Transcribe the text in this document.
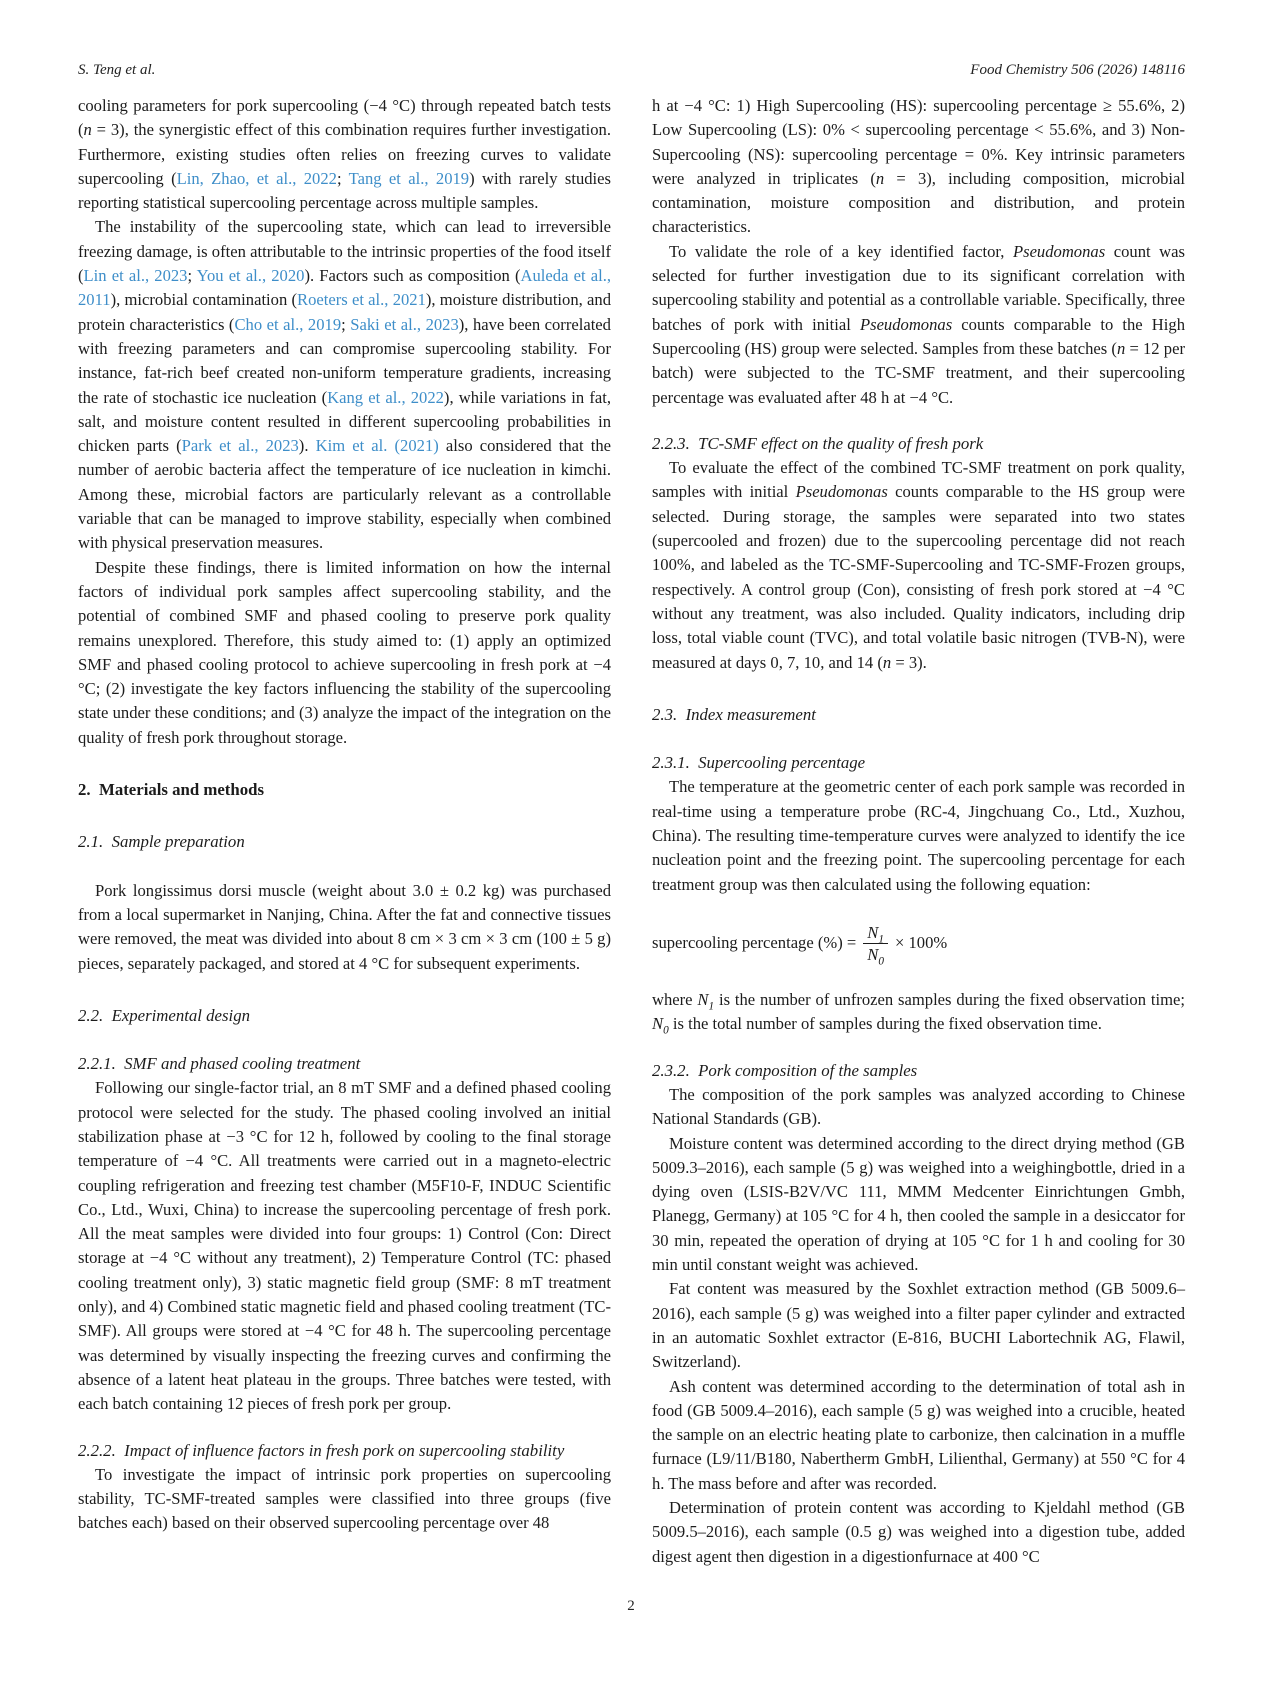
S. Teng et al.	Food Chemistry 506 (2026) 148116

cooling parameters for pork supercooling (−4 °C) through repeated batch tests (n = 3), the synergistic effect of this combination requires further investigation. Furthermore, existing studies often relies on freezing curves to validate supercooling (Lin, Zhao, et al., 2022; Tang et al., 2019) with rarely studies reporting statistical supercooling percentage across multiple samples.

The instability of the supercooling state, which can lead to irreversible freezing damage, is often attributable to the intrinsic properties of the food itself (Lin et al., 2023; You et al., 2020). Factors such as composition (Auleda et al., 2011), microbial contamination (Roeters et al., 2021), moisture distribution, and protein characteristics (Cho et al., 2019; Saki et al., 2023), have been correlated with freezing parameters and can compromise supercooling stability. For instance, fat-rich beef created non-uniform temperature gradients, increasing the rate of stochastic ice nucleation (Kang et al., 2022), while variations in fat, salt, and moisture content resulted in different supercooling probabilities in chicken parts (Park et al., 2023). Kim et al. (2021) also considered that the number of aerobic bacteria affect the temperature of ice nucleation in kimchi. Among these, microbial factors are particularly relevant as a controllable variable that can be managed to improve stability, especially when combined with physical preservation measures.

Despite these findings, there is limited information on how the internal factors of individual pork samples affect supercooling stability, and the potential of combined SMF and phased cooling to preserve pork quality remains unexplored. Therefore, this study aimed to: (1) apply an optimized SMF and phased cooling protocol to achieve supercooling in fresh pork at −4 °C; (2) investigate the key factors influencing the stability of the supercooling state under these conditions; and (3) analyze the impact of the integration on the quality of fresh pork throughout storage.

2. Materials and methods
2.1. Sample preparation

Pork longissimus dorsi muscle (weight about 3.0 ± 0.2 kg) was purchased from a local supermarket in Nanjing, China. After the fat and connective tissues were removed, the meat was divided into about 8 cm × 3 cm × 3 cm (100 ± 5 g) pieces, separately packaged, and stored at 4 °C for subsequent experiments.

2.2. Experimental design
2.2.1. SMF and phased cooling treatment

Following our single-factor trial, an 8 mT SMF and a defined phased cooling protocol were selected for the study. The phased cooling involved an initial stabilization phase at −3 °C for 12 h, followed by cooling to the final storage temperature of −4 °C. All treatments were carried out in a magneto-electric coupling refrigeration and freezing test chamber (M5F10-F, INDUC Scientific Co., Ltd., Wuxi, China) to increase the supercooling percentage of fresh pork. All the meat samples were divided into four groups: 1) Control (Con: Direct storage at −4 °C without any treatment), 2) Temperature Control (TC: phased cooling treatment only), 3) static magnetic field group (SMF: 8 mT treatment only), and 4) Combined static magnetic field and phased cooling treatment (TC-SMF). All groups were stored at −4 °C for 48 h. The supercooling percentage was determined by visually inspecting the freezing curves and confirming the absence of a latent heat plateau in the groups. Three batches were tested, with each batch containing 12 pieces of fresh pork per group.

2.2.2. Impact of influence factors in fresh pork on supercooling stability

To investigate the impact of intrinsic pork properties on supercooling stability, TC-SMF-treated samples were classified into three groups (five batches each) based on their observed supercooling percentage over 48

h at −4 °C: 1) High Supercooling (HS): supercooling percentage ≥ 55.6%, 2) Low Supercooling (LS): 0% < supercooling percentage < 55.6%, and 3) Non-Supercooling (NS): supercooling percentage = 0%. Key intrinsic parameters were analyzed in triplicates (n = 3), including composition, microbial contamination, moisture composition and distribution, and protein characteristics.

To validate the role of a key identified factor, Pseudomonas count was selected for further investigation due to its significant correlation with supercooling stability and potential as a controllable variable. Specifically, three batches of pork with initial Pseudomonas counts comparable to the High Supercooling (HS) group were selected. Samples from these batches (n = 12 per batch) were subjected to the TC-SMF treatment, and their supercooling percentage was evaluated after 48 h at −4 °C.

2.2.3. TC-SMF effect on the quality of fresh pork

To evaluate the effect of the combined TC-SMF treatment on pork quality, samples with initial Pseudomonas counts comparable to the HS group were selected. During storage, the samples were separated into two states (supercooled and frozen) due to the supercooling percentage did not reach 100%, and labeled as the TC-SMF-Supercooling and TC-SMF-Frozen groups, respectively. A control group (Con), consisting of fresh pork stored at −4 °C without any treatment, was also included. Quality indicators, including drip loss, total viable count (TVC), and total volatile basic nitrogen (TVB-N), were measured at days 0, 7, 10, and 14 (n = 3).

2.3. Index measurement
2.3.1. Supercooling percentage

The temperature at the geometric center of each pork sample was recorded in real-time using a temperature probe (RC-4, Jingchuang Co., Ltd., Xuzhou, China). The resulting time-temperature curves were analyzed to identify the ice nucleation point and the freezing point. The supercooling percentage for each treatment group was then calculated using the following equation:

supercooling percentage (%) = $\frac{N_1}{N_0} \times 100\%$

where $N_1$ is the number of unfrozen samples during the fixed observation time; $N_0$ is the total number of samples during the fixed observation time.

2.3.2. Pork composition of the samples

The composition of the pork samples was analyzed according to Chinese National Standards (GB).

Moisture content was determined according to the direct drying method (GB 5009.3–2016), each sample (5 g) was weighed into a weighingbottle, dried in a dying oven (LSIS-B2V/VC 111, MMM Medcenter Einrichtungen Gmbh, Planegg, Germany) at 105 °C for 4 h, then cooled the sample in a desiccator for 30 min, repeated the operation of drying at 105 °C for 1 h and cooling for 30 min until constant weight was achieved.

Fat content was measured by the Soxhlet extraction method (GB 5009.6–2016), each sample (5 g) was weighed into a filter paper cylinder and extracted in an automatic Soxhlet extractor (E-816, BUCHI Labortechnik AG, Flawil, Switzerland).

Ash content was determined according to the determination of total ash in food (GB 5009.4–2016), each sample (5 g) was weighed into a crucible, heated the sample on an electric heating plate to carbonize, then calcination in a muffle furnace (L9/11/B180, Nabertherm GmbH, Lilienthal, Germany) at 550 °C for 4 h. The mass before and after was recorded.

Determination of protein content was according to Kjeldahl method (GB 5009.5–2016), each sample (0.5 g) was weighed into a digestion tube, added digest agent then digestion in a digestionfurnace at 400 °C

2
